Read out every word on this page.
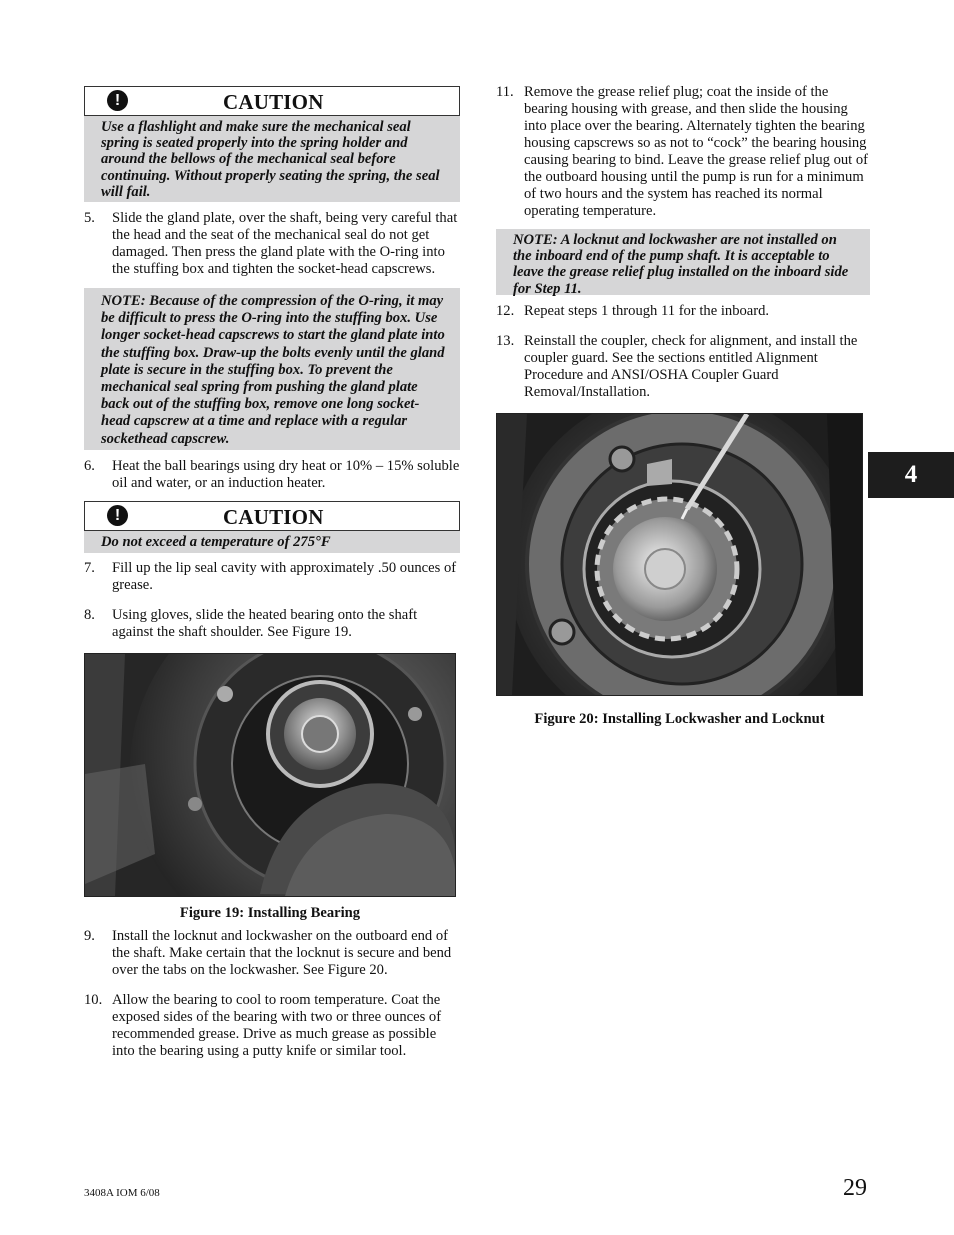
!	CAUTION
Use a flashlight and make sure the mechanical seal spring is seated properly into the spring holder and around the bellows of the mechanical seal before continuing. Without properly seating the spring, the seal will fail.
5.	Slide the gland plate, over the shaft, being very careful that the head and the seat of the mechanical seal do not get damaged. Then press the gland plate with the O-ring into the stuffing box and tighten the socket-head capscrews.
NOTE: Because of the compression of the O-ring, it may be difficult to press the O-ring into the stuffing box. Use longer socket-head capscrews to start the gland plate into the stuffing box. Draw-up the bolts evenly until the gland plate is secure in the stuffing box. To prevent the mechanical seal spring from pushing the gland plate back out of the stuffing box, remove one long socket-head capscrew at a time and replace with a regular sockethead capscrew.
6.	Heat the ball bearings using dry heat or 10% – 15% soluble oil and water, or an induction heater.
!	CAUTION
Do not exceed a temperature of 275°F
7.	Fill up the lip seal cavity with approximately .50 ounces of grease.
8.	Using gloves, slide the heated bearing onto the shaft against the shaft shoulder. See Figure 19.
Figure 19: Installing Bearing
9.	Install the locknut and lockwasher on the outboard end of the shaft. Make certain that the locknut is secure and bend over the tabs on the lockwasher. See Figure 20.
10. Allow the bearing to cool to room temperature. Coat the exposed sides of the bearing with two or three ounces of recommended grease. Drive as much grease as possible into the bearing using a putty knife or similar tool.
11. Remove the grease relief plug; coat the inside of the bearing housing with grease, and then slide the housing into place over the bearing. Alternately tighten the bearing housing capscrews so as not to “cock” the bearing housing causing bearing to bind. Leave the grease relief plug out of the outboard housing until the pump is run for a minimum of two hours and the system has reached its normal operating temperature.
NOTE: A locknut and lockwasher are not installed on the inboard end of the pump shaft. It is acceptable to leave the grease relief plug installed on the inboard side for Step 11.
12. Repeat steps 1 through 11 for the inboard.
13. Reinstall the coupler, check for alignment, and install the coupler guard. See the sections entitled Alignment Procedure and ANSI/OSHA Coupler Guard Removal/Installation.
Figure 20: Installing Lockwasher and Locknut
4
3408A IOM 6/08	29
